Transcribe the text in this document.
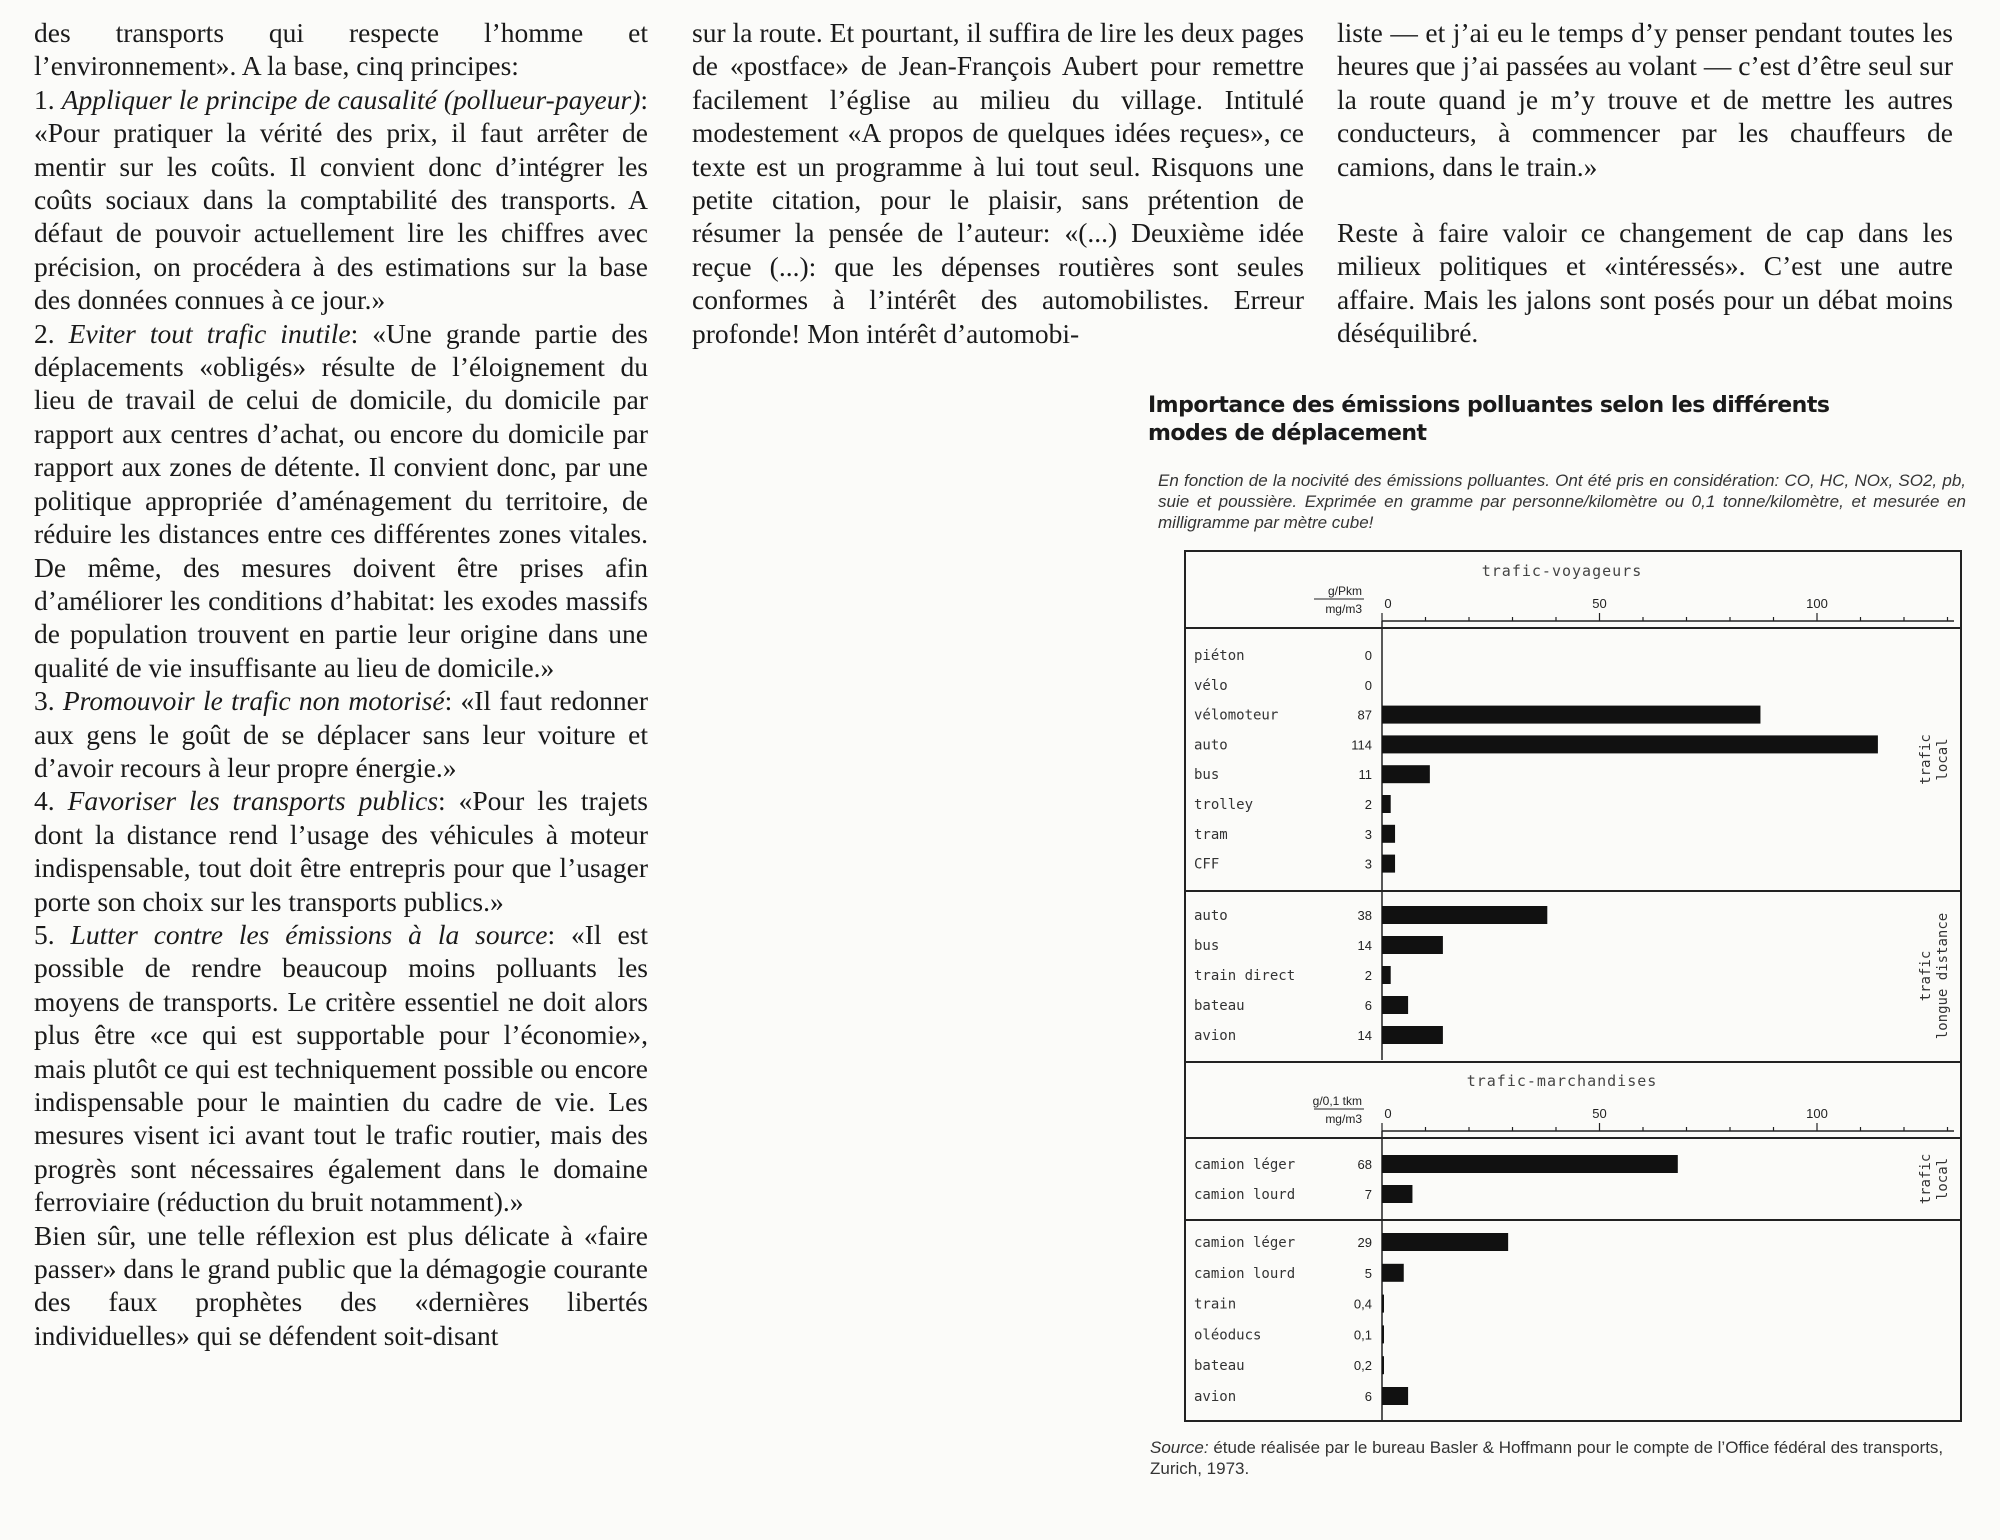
des transports qui respecte l’homme et l’environnement». A la base, cinq principes:

1. Appliquer le principe de causalité (pollueur-payeur): «Pour pratiquer la vérité des prix, il faut arrêter de mentir sur les coûts. Il convient donc d’intégrer les coûts sociaux dans la comptabilité des transports. A défaut de pouvoir actuellement lire les chiffres avec précision, on procédera à des estimations sur la base des données connues à ce jour.»

2. Eviter tout trafic inutile: «Une grande partie des déplacements «obligés» résulte de l’éloignement du lieu de travail de celui de domicile, du domicile par rapport aux centres d’achat, ou encore du domicile par rapport aux zones de détente. Il convient donc, par une politique appropriée d’aménagement du territoire, de réduire les distances entre ces différentes zones vitales. De même, des mesures doivent être prises afin d’améliorer les conditions d’habitat: les exodes massifs de population trouvent en partie leur origine dans une qualité de vie insuffisante au lieu de domicile.»

3. Promouvoir le trafic non motorisé: «Il faut redonner aux gens le goût de se déplacer sans leur voiture et d’avoir recours à leur propre énergie.»

4. Favoriser les transports publics: «Pour les trajets dont la distance rend l’usage des véhicules à moteur indispensable, tout doit être entrepris pour que l’usager porte son choix sur les transports publics.»

5. Lutter contre les émissions à la source: «Il est possible de rendre beaucoup moins polluants les moyens de transports. Le critère essentiel ne doit alors plus être «ce qui est supportable pour l’économie», mais plutôt ce qui est techniquement possible ou encore indispensable pour le maintien du cadre de vie. Les mesures visent ici avant tout le trafic routier, mais des progrès sont nécessaires également dans le domaine ferroviaire (réduction du bruit notamment).»

Bien sûr, une telle réflexion est plus délicate à «faire passer» dans le grand public que la démagogie courante des faux prophètes des «dernières libertés individuelles» qui se défendent soit-disant

sur la route. Et pourtant, il suffira de lire les deux pages de «postface» de Jean-François Aubert pour remettre facilement l’église au milieu du village. Intitulé modestement «A propos de quelques idées reçues», ce texte est un programme à lui tout seul. Risquons une petite citation, pour le plaisir, sans prétention de résumer la pensée de l’auteur: «(...) Deuxième idée reçue (...): que les dépenses routières sont seules conformes à l’intérêt des automobilistes. Erreur profonde! Mon intérêt d’automobi-

liste — et j’ai eu le temps d’y penser pendant toutes les heures que j’ai passées au volant — c’est d’être seul sur la route quand je m’y trouve et de mettre les autres conducteurs, à commencer par les chauffeurs de camions, dans le train.»

Reste à faire valoir ce changement de cap dans les milieux politiques et «intéressés». C’est une autre affaire. Mais les jalons sont posés pour un débat moins déséquilibré.

Importance des émissions polluantes selon les différents modes de déplacement

En fonction de la nocivité des émissions polluantes. Ont été pris en considération: CO, HC, NOx, SO2, pb, suie et poussière. Exprimée en gramme par personne/kilomètre ou 0,1 tonne/kilomètre, et mesurée en milligramme par mètre cube!

trafic-voyageurs
g/Pkm
mg/m3 0	50	100
piéton	0
vélo	0
vélomoteur	87
auto	114
bus	11
trolley	2
tram	3
CFF	3
trafic local
auto	38
bus	14
train direct	2
bateau	6
avion	14
trafic longue distance
trafic-marchandises
g/0,1 tkm
mg/m3 0	50	100
camion léger	68
camion lourd	7	trafic local
camion léger	29
camion lourd	5
train	0,4
oléoducs	0,1
bateau	0,2
avion	6
Source: étude réalisée par le bureau Basler & Hoffmann pour le compte de l’Office fédéral des transports, Zurich, 1973.
